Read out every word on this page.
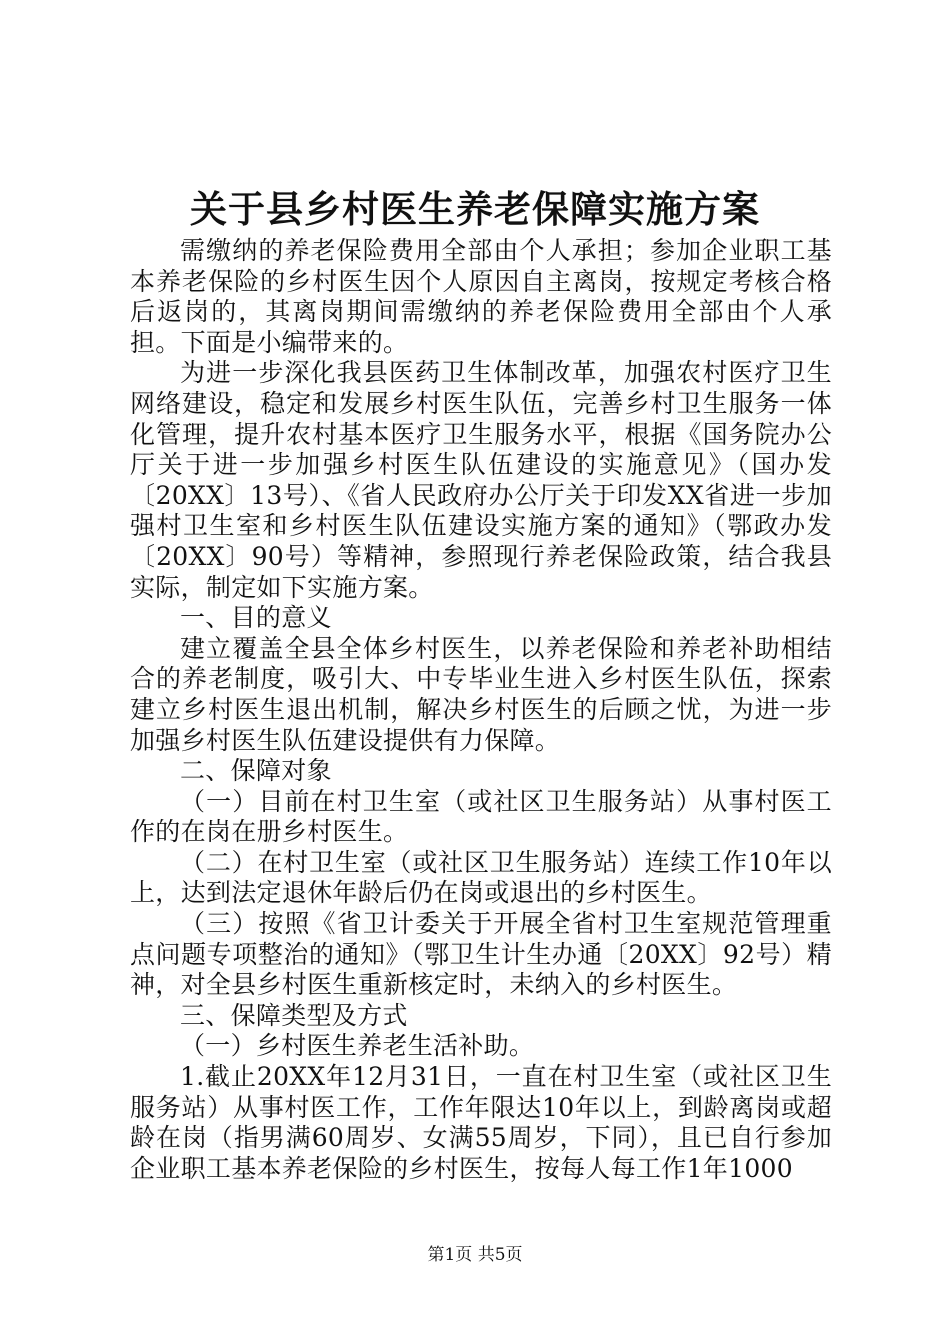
关于县乡村医生养老保障实施方案

需缴纳的养老保险费用全部由个人承担；参加企业职工基本养老保险的乡村医生因个人原因自主离岗，按规定考核合格后返岗的，其离岗期间需缴纳的养老保险费用全部由个人承担。下面是小编带来的。

为进一步深化我县医药卫生体制改革，加强农村医疗卫生网络建设，稳定和发展乡村医生队伍，完善乡村卫生服务一体化管理，提升农村基本医疗卫生服务水平，根据《国务院办公厅关于进一步加强乡村医生队伍建设的实施意见》（国办发〔20XX〕13号）、《省人民政府办公厅关于印发XX省进一步加强村卫生室和乡村医生队伍建设实施方案的通知》（鄂政办发〔20XX〕90号）等精神，参照现行养老保险政策，结合我县实际，制定如下实施方案。

一、目的意义

建立覆盖全县全体乡村医生，以养老保险和养老补助相结合的养老制度，吸引大、中专毕业生进入乡村医生队伍，探索建立乡村医生退出机制，解决乡村医生的后顾之忧，为进一步加强乡村医生队伍建设提供有力保障。

二、保障对象

（一）目前在村卫生室（或社区卫生服务站）从事村医工作的在岗在册乡村医生。

（二）在村卫生室（或社区卫生服务站）连续工作10年以上，达到法定退休年龄后仍在岗或退出的乡村医生。

（三）按照《省卫计委关于开展全省村卫生室规范管理重点问题专项整治的通知》（鄂卫生计生办通〔20XX〕92号）精神，对全县乡村医生重新核定时，未纳入的乡村医生。

三、保障类型及方式

（一）乡村医生养老生活补助。

1.截止20XX年12月31日，一直在村卫生室（或社区卫生服务站）从事村医工作，工作年限达10年以上，到龄离岗或超龄在岗（指男满60周岁、女满55周岁，下同），且已自行参加企业职工基本养老保险的乡村医生，按每人每工作1年1000

第1页 共5页
